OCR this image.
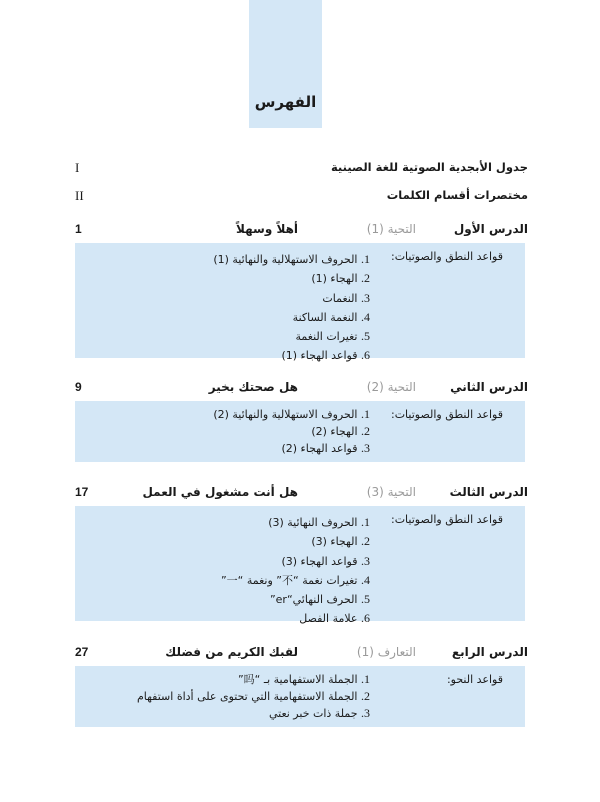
الفهرس
جدول الأبجدية الصوتية للغة الصينية
I
مختصرات أقسام الكلمات
II
الدرس الأول
التحية (1)
أهلاً وسهلاً
1
قواعد النطق والصوتيات:
1. الحروف الاستهلالية والنهائية (1)
2. الهجاء (1)
3. النغمات
4. النغمة الساكنة
5. تغيرات النغمة
6. قواعد الهجاء (1)
الدرس الثاني
التحية (2)
هل صحتك بخير
9
قواعد النطق والصوتيات:
1. الحروف الاستهلالية والنهائية (2)
2. الهجاء (2)
3. قواعد الهجاء (2)
الدرس الثالث
التحية (3)
هل أنت مشغول في العمل
17
قواعد النطق والصوتيات:
1. الحروف النهائية (3)
2. الهجاء (3)
3. قواعد الهجاء (3)
4. تغيرات نغمة “不” ونغمة “一”
5. الحرف النهائي“er”
6. علامة الفصل
الدرس الرابع
التعارف (1)
لقبك الكريم من فضلك
27
قواعد النحو:
1. الجملة الاستفهامية بـ “吗”
2. الجملة الاستفهامية التي تحتوى على أداة استفهام
3. جملة ذات خبر نعتي
